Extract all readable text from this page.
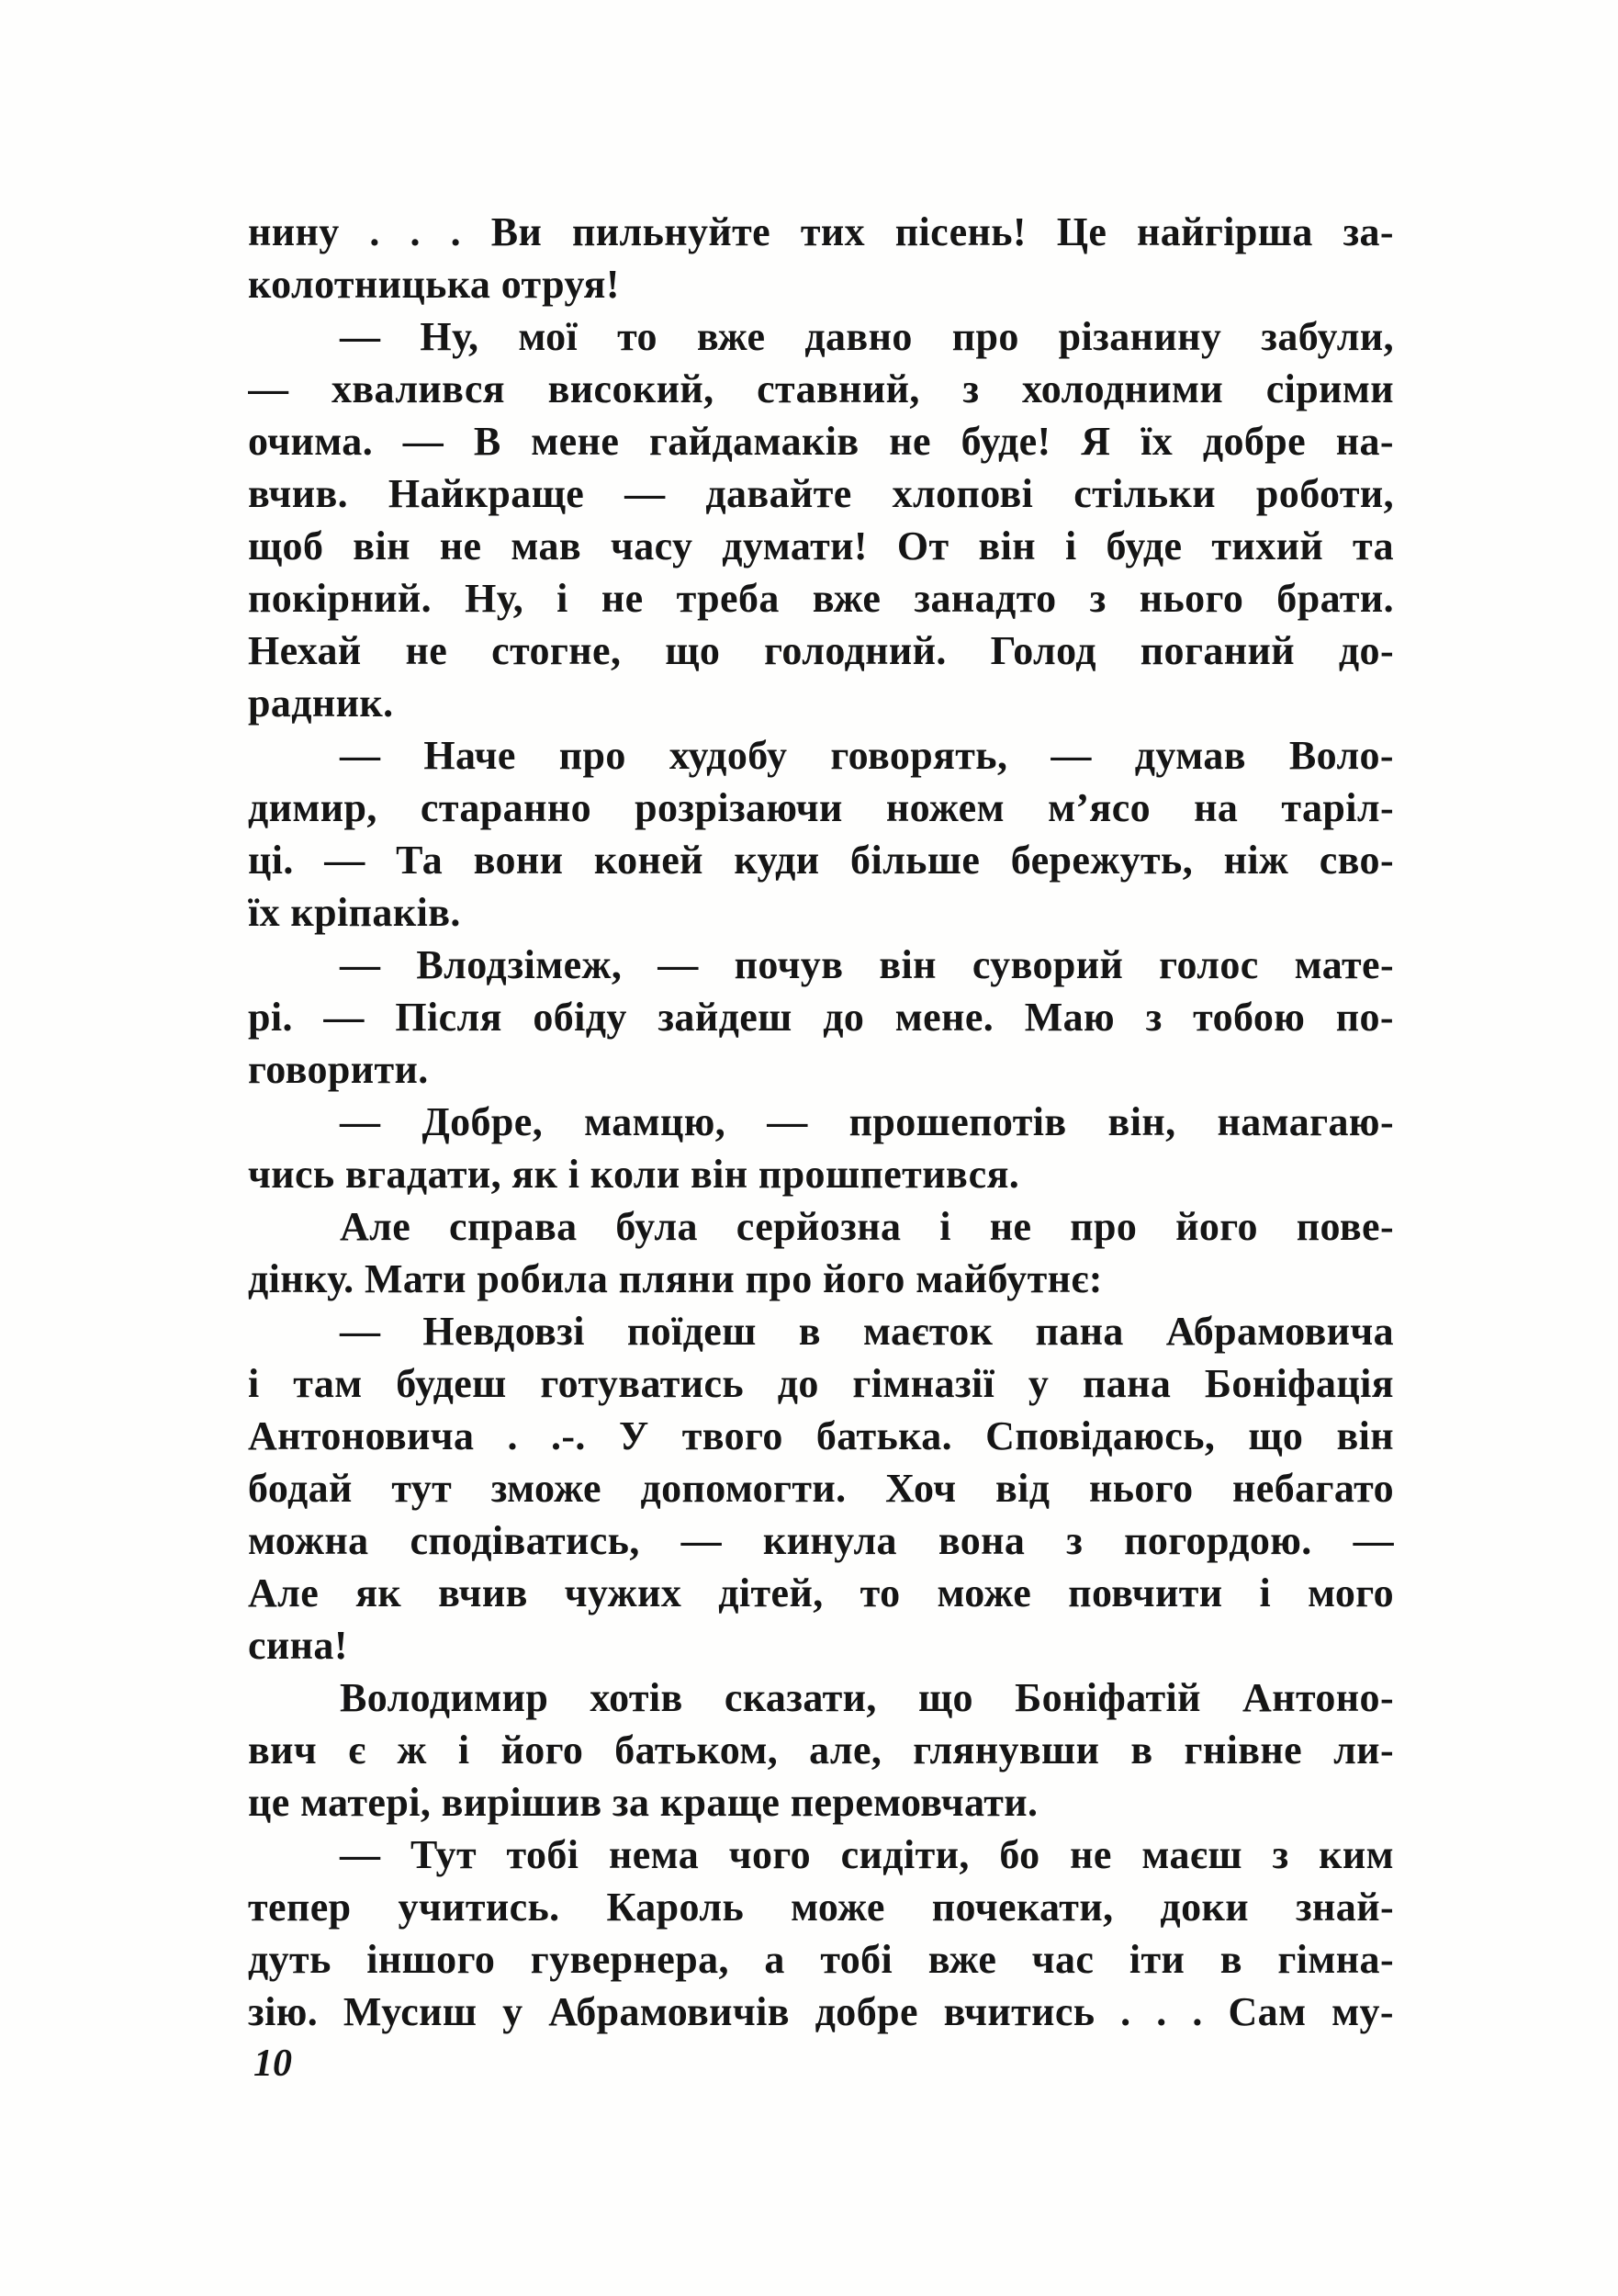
нину . . . Ви пильнуйте тих пісень! Це найгірша за-
колотницька отруя!
— Ну, мої то вже давно про різанину забули,
— хвалився високий, ставний, з холодними сірими
очима. — В мене гайдамаків не буде! Я їх добре на-
вчив. Найкраще — давайте хлопові стільки роботи,
щоб він не мав часу думати! От він і буде тихий та
покірний. Ну, і не треба вже занадто з нього брати.
Нехай не стогне, що голодний. Голод поганий до-
радник.
— Наче про худобу говорять, — думав Воло-
димир, старанно розрізаючи ножем м’ясо на таріл-
ці. — Та вони коней куди більше бережуть, ніж сво-
їх кріпаків.
— Влодзімеж, — почув він суворий голос мате-
рі. — Після обіду зайдеш до мене. Маю з тобою по-
говорити.
— Добре, мамцю, — прошепотів він, намагаю-
чись вгадати, як і коли він прошпетився.
Але справа була серйозна і не про його пове-
дінку. Мати робила пляни про його майбутнє:
— Невдовзі поїдеш в маєток пана Абрамовича
і там будеш готуватись до гімназії у пана Боніфація
Антоновича . .-. У твого батька. Сповідаюсь, що він
бодай тут зможе допомогти. Хоч від нього небагато
можна сподіватись, — кинула вона з погордою. —
Але як вчив чужих дітей, то може повчити і мого
сина!
Володимир хотів сказати, що Боніфатій Антоно-
вич є ж і його батьком, але, глянувши в гнівне ли-
це матері, вирішив за краще перемовчати.
— Тут тобі нема чого сидіти, бо не маєш з ким
тепер учитись. Кароль може почекати, доки знай-
дуть іншого гувернера, а тобі вже час іти в гімна-
зію. Мусиш у Абрамовичів добре вчитись . . . Сам му-
10
